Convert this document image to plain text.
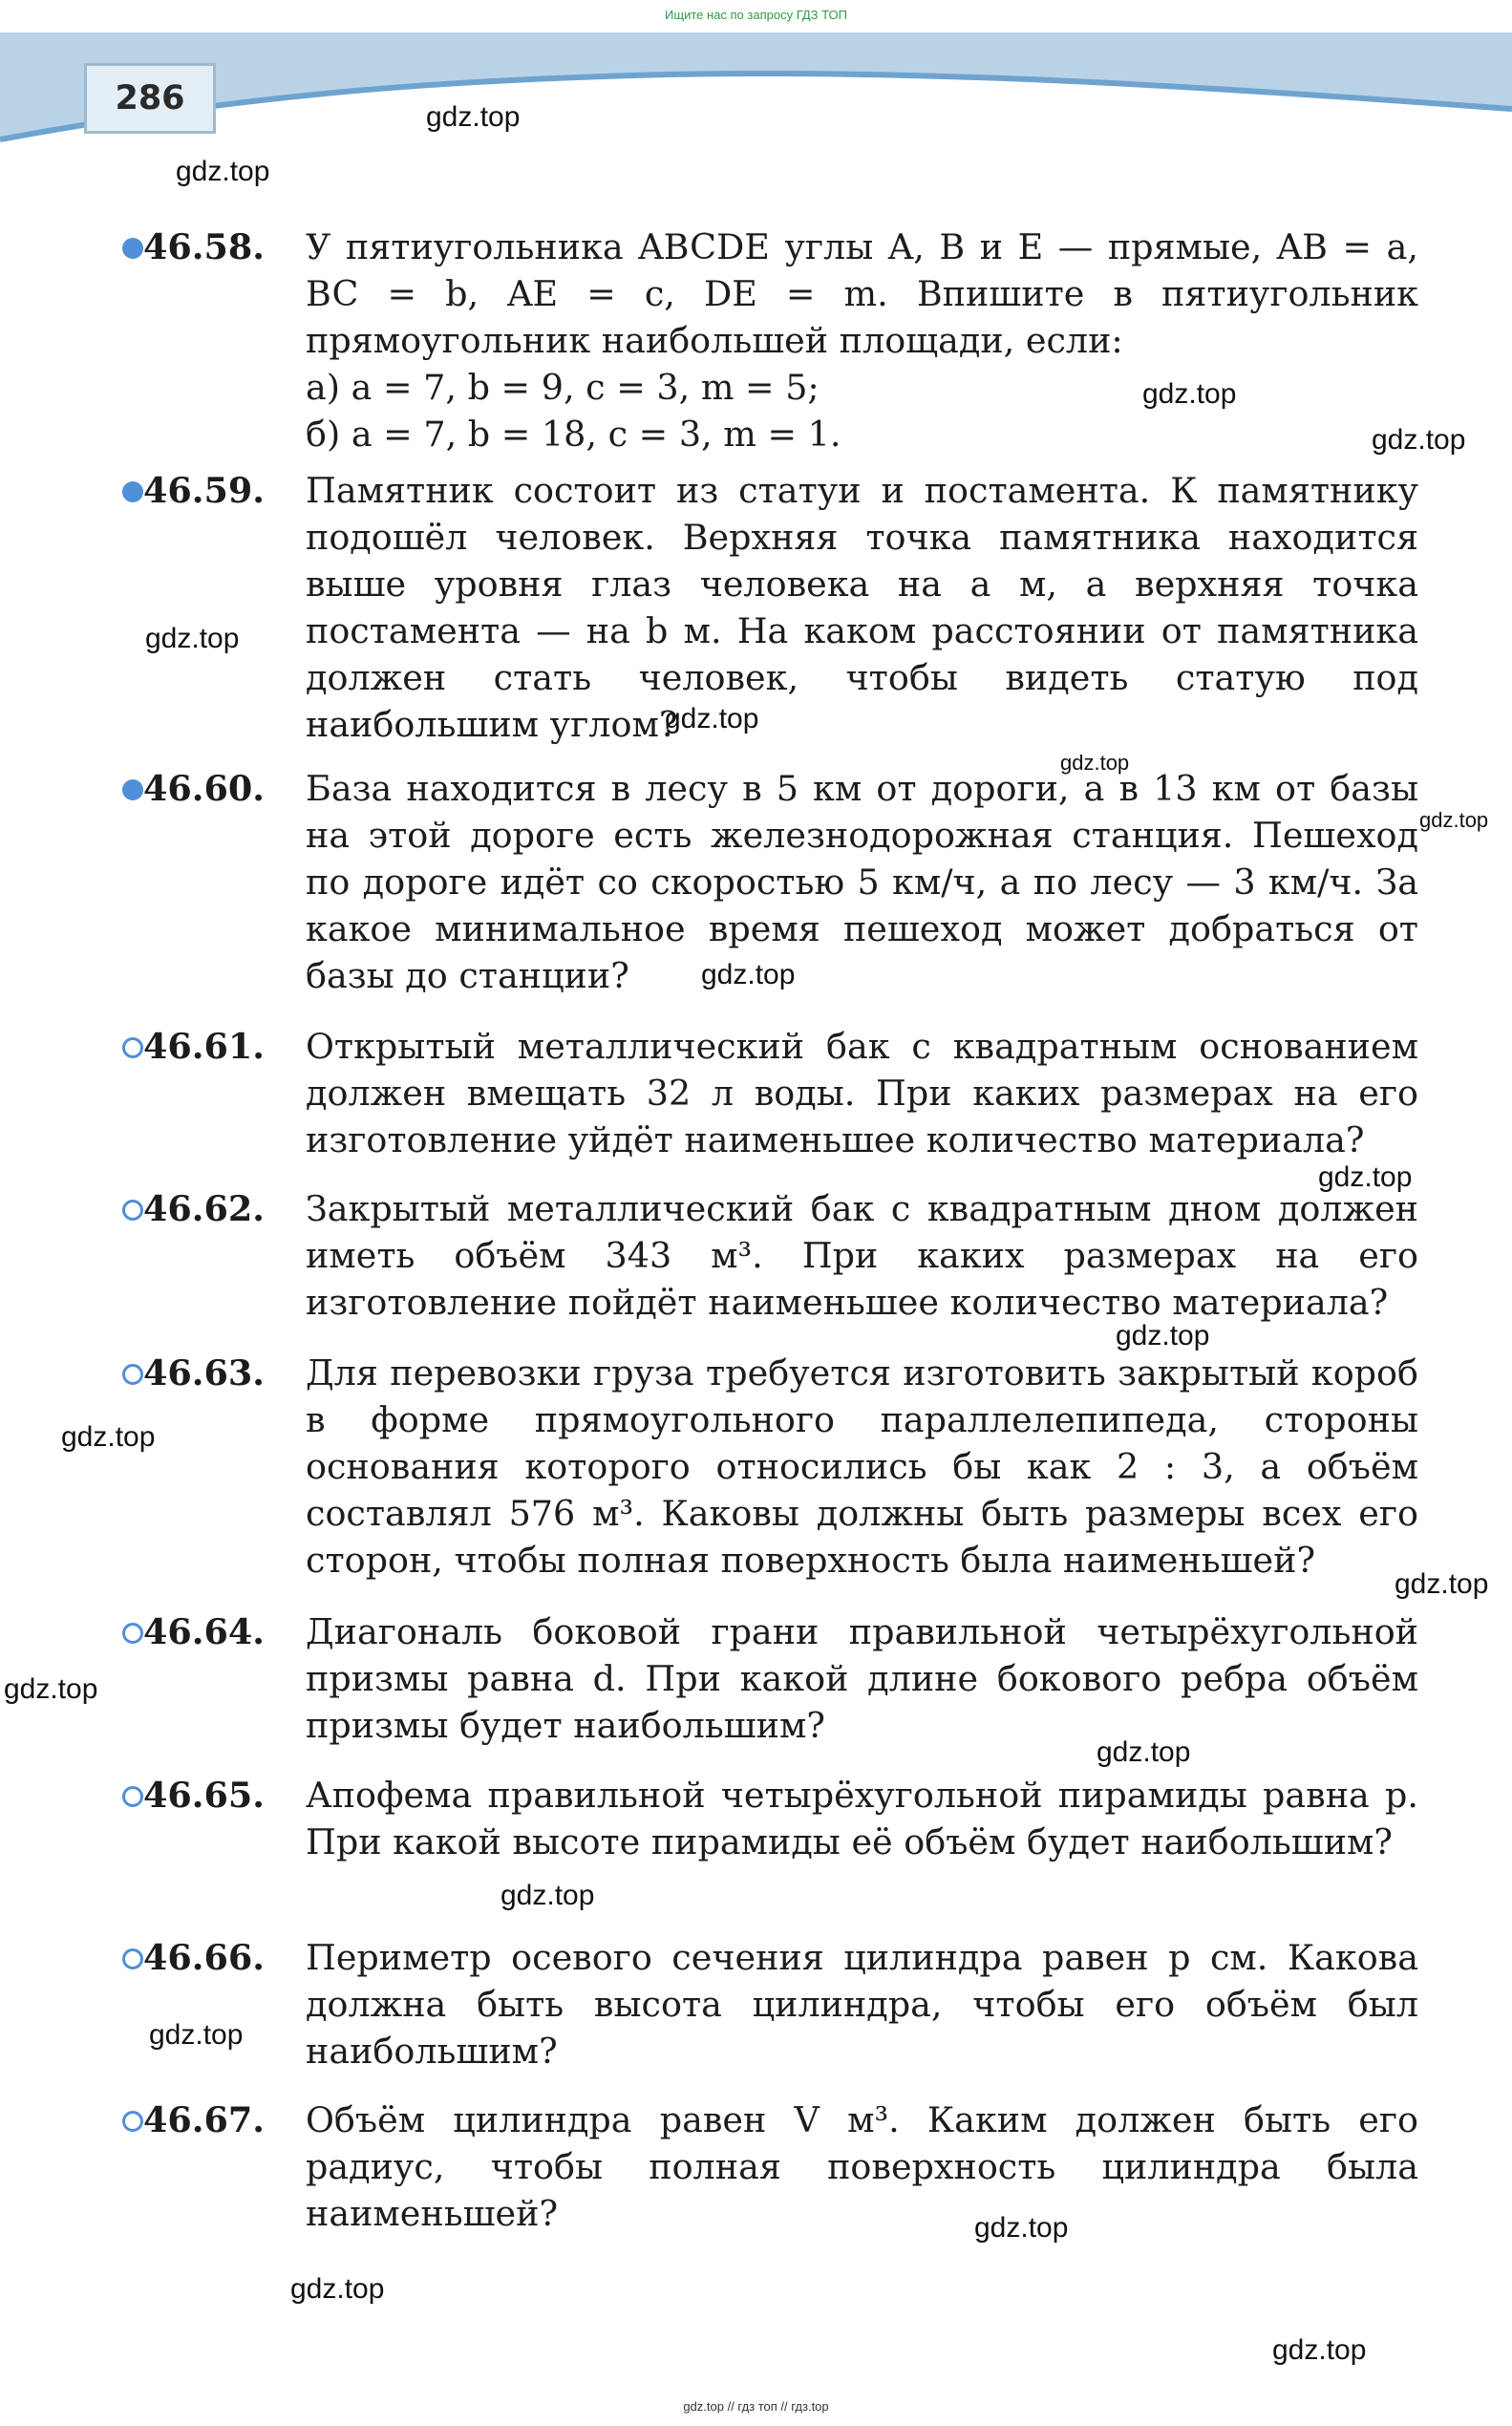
Ищите нас по запросу ГДЗ ТОП
286
46.58. У пятиугольника ABCDE углы A, B и E — прямые, AB = a, BC = b, AE = c, DE = m. Впишите в пятиугольник прямоугольник наибольшей площади, если:
а) a = 7, b = 9, c = 3, m = 5;
б) a = 7, b = 18, c = 3, m = 1.
46.59. Памятник состоит из статуи и постамента. К памятнику подошёл человек. Верхняя точка памятника находится выше уровня глаз человека на a м, а верхняя точка постамента — на b м. На каком расстоянии от памятника должен стать человек, чтобы видеть статую под наибольшим углом?
46.60. База находится в лесу в 5 км от дороги, а в 13 км от базы на этой дороге есть железнодорожная станция. Пешеход по дороге идёт со скоростью 5 км/ч, а по лесу — 3 км/ч. За какое минимальное время пешеход может добраться от базы до станции?
46.61. Открытый металлический бак с квадратным основанием должен вмещать 32 л воды. При каких размерах на его изготовление уйдёт наименьшее количество материала?
46.62. Закрытый металлический бак с квадратным дном должен иметь объём 343 м³. При каких размерах на его изготовление пойдёт наименьшее количество материала?
46.63. Для перевозки груза требуется изготовить закрытый короб в форме прямоугольного параллелепипеда, стороны основания которого относились бы как 2 : 3, а объём составлял 576 м³. Каковы должны быть размеры всех его сторон, чтобы полная поверхность была наименьшей?
46.64. Диагональ боковой грани правильной четырёхугольной призмы равна d. При какой длине бокового ребра объём призмы будет наибольшим?
46.65. Апофема правильной четырёхугольной пирамиды равна p. При какой высоте пирамиды её объём будет наибольшим?
46.66. Периметр осевого сечения цилиндра равен p см. Какова должна быть высота цилиндра, чтобы его объём был наибольшим?
46.67. Объём цилиндра равен V м³. Каким должен быть его радиус, чтобы полная поверхность цилиндра была наименьшей?
gdz.top
gdz.top
gdz.top
gdz.top
gdz.top
gdz.top
gdz.top
gdz.top
gdz.top
gdz.top
gdz.top
gdz.top
gdz.top
gdz.top
gdz.top
gdz.top
gdz.top
gdz.top
gdz.top
gdz.top
gdz.top // гдз топ // гдз.top
